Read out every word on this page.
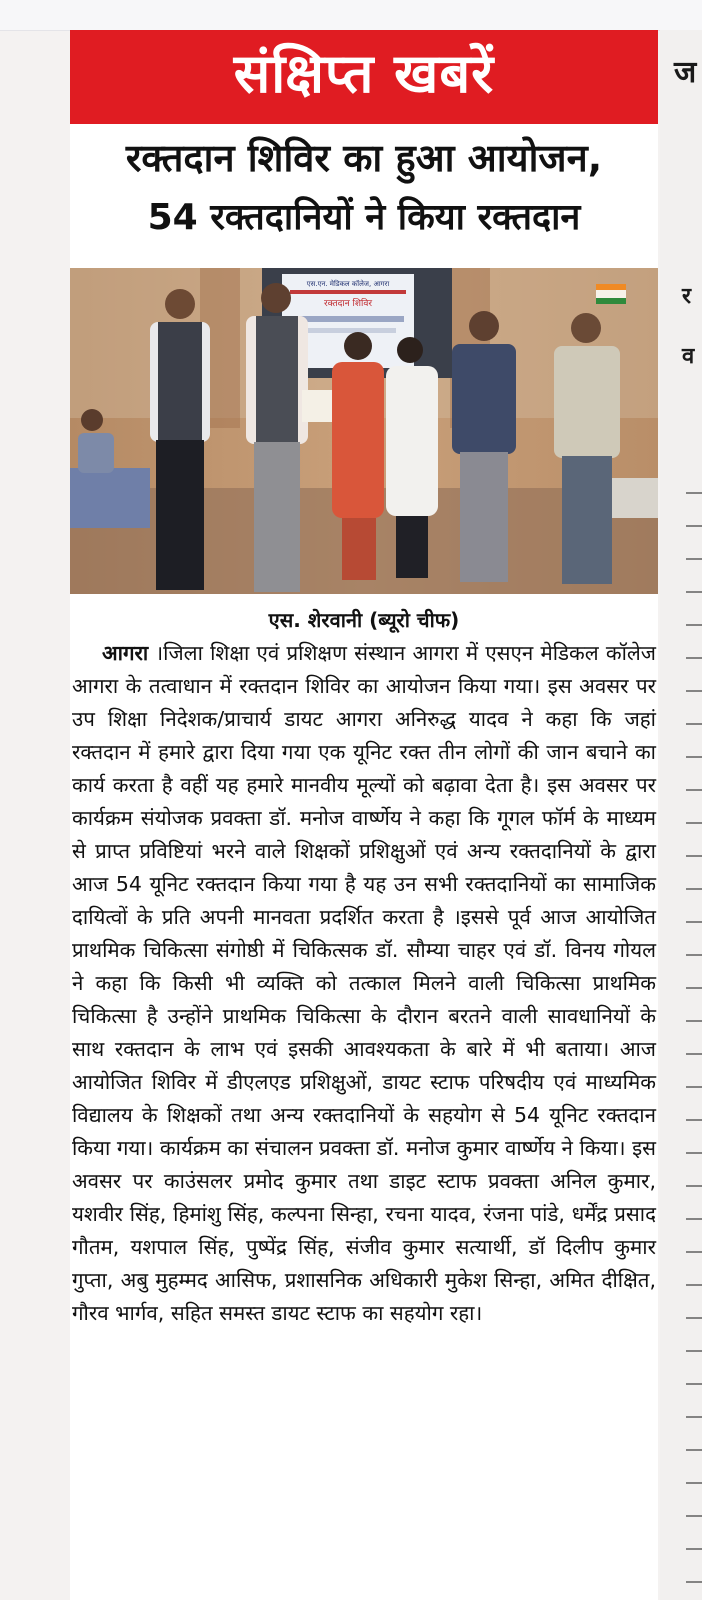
संक्षिप्त खबरें
रक्तदान शिविर का हुआ आयोजन,
54 रक्तदानियों ने किया रक्तदान
एस.एन. मेडिकल कॉलेज, आगरा
रक्तदान शिविर
एस. शेरवानी (ब्यूरो चीफ)

आगरा ।जिला शिक्षा एवं प्रशिक्षण संस्थान आगरा में एसएन मेडिकल कॉलेज आगरा के तत्वाधान में रक्तदान शिविर का आयोजन किया गया। इस अवसर पर उप शिक्षा निदेशक/प्राचार्य डायट आगरा अनिरुद्ध यादव ने कहा कि जहां रक्तदान में हमारे द्वारा दिया गया एक यूनिट रक्त तीन लोगों की जान बचाने का कार्य करता है वहीं यह हमारे मानवीय मूल्यों को बढ़ावा देता है। इस अवसर पर कार्यक्रम संयोजक प्रवक्ता डॉ. मनोज वार्ष्णेय ने कहा कि गूगल फॉर्म के माध्यम से प्राप्त प्रविष्टियां भरने वाले शिक्षकों प्रशिक्षुओं एवं अन्य रक्तदानियों के द्वारा आज 54 यूनिट रक्तदान किया गया है यह उन सभी रक्तदानियों का सामाजिक दायित्वों के प्रति अपनी मानवता प्रदर्शित करता है ।इससे पूर्व आज आयोजित प्राथमिक चिकित्सा संगोष्ठी में चिकित्सक डॉ. सौम्या चाहर एवं डॉ. विनय गोयल ने कहा कि किसी भी व्यक्ति को तत्काल मिलने वाली चिकित्सा प्राथमिक चिकित्सा है उन्होंने प्राथमिक चिकित्सा के दौरान बरतने वाली सावधानियों के साथ रक्तदान के लाभ एवं इसकी आवश्यकता के बारे में भी बताया। आज आयोजित शिविर में डीएलएड प्रशिक्षुओं, डायट स्टाफ परिषदीय एवं माध्यमिक विद्यालय के शिक्षकों तथा अन्य रक्तदानियों के सहयोग से 54 यूनिट रक्तदान किया गया। कार्यक्रम का संचालन प्रवक्ता डॉ. मनोज कुमार वार्ष्णेय ने किया। इस अवसर पर काउंसलर प्रमोद कुमार तथा डाइट स्टाफ प्रवक्ता अनिल कुमार, यशवीर सिंह, हिमांशु सिंह, कल्पना सिन्हा, रचना यादव, रंजना पांडे, धर्मेंद्र प्रसाद गौतम, यशपाल सिंह, पुष्पेंद्र सिंह, संजीव कुमार सत्यार्थी, डॉ दिलीप कुमार गुप्ता, अबु मुहम्मद आसिफ, प्रशासनिक अधिकारी मुकेश सिन्हा, अमित दीक्षित, गौरव भार्गव, सहित समस्त डायट स्टाफ का सहयोग रहा।

ज
र
व
